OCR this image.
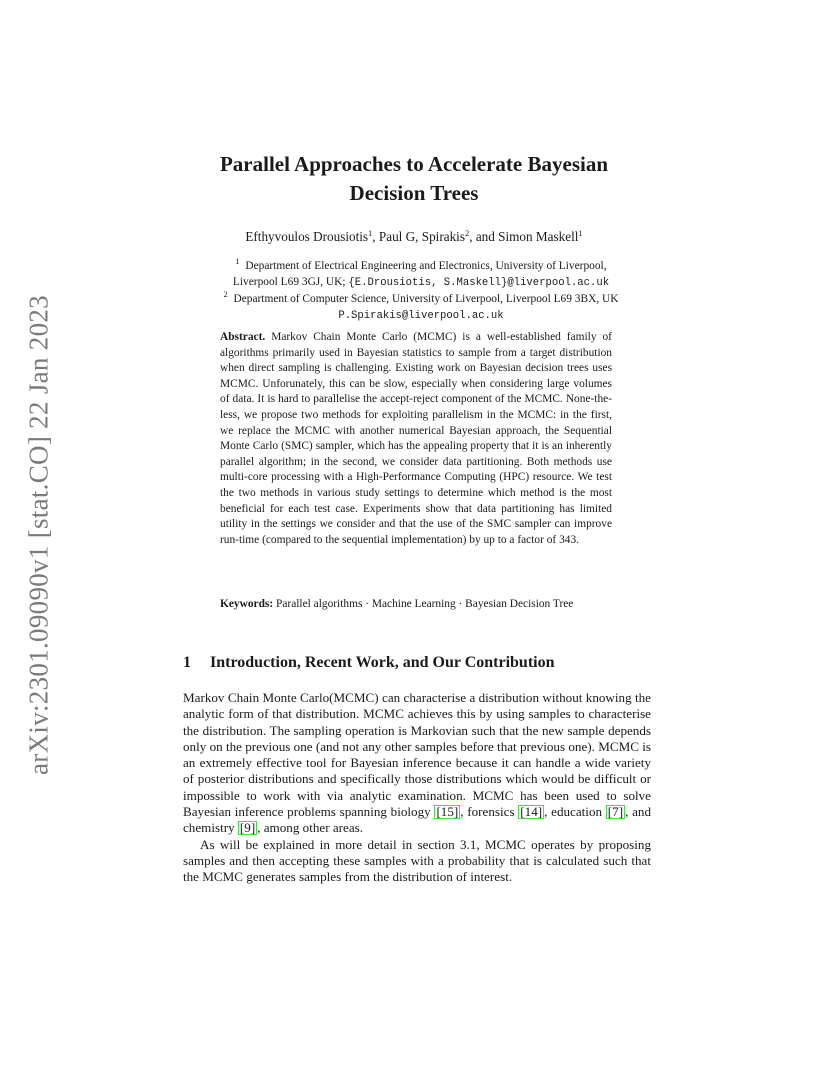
arXiv:2301.09090v1 [stat.CO] 22 Jan 2023
Parallel Approaches to Accelerate Bayesian
Decision Trees
Efthyvoulos Drousiotis$^1$, Paul G, Spirakis$^2$, and Simon Maskell$^1$
$^1$ Department of Electrical Engineering and Electronics, University of Liverpool,
Liverpool L69 3GJ, UK; {E.Drousiotis, S.Maskell}@liverpool.ac.uk
$^2$ Department of Computer Science, University of Liverpool, Liverpool L69 3BX, UK
P.Spirakis@liverpool.ac.uk
Abstract. Markov Chain Monte Carlo (MCMC) is a well-established family of algorithms primarily used in Bayesian statistics to sample from a target distribution when direct sampling is challenging. Existing work on Bayesian decision trees uses MCMC. Unforunately, this can be slow, especially when considering large volumes of data. It is hard to parallelise the accept-reject component of the MCMC. None-the-less, we propose two methods for exploiting parallelism in the MCMC: in the first, we replace the MCMC with another numerical Bayesian approach, the Sequential Monte Carlo (SMC) sampler, which has the appealing property that it is an inherently parallel algorithm; in the second, we consider data partitioning. Both methods use multi-core processing with a High-Performance Computing (HPC) resource. We test the two methods in various study settings to determine which method is the most beneficial for each test case. Experiments show that data partitioning has limited utility in the settings we consider and that the use of the SMC sampler can improve run-time (compared to the sequential implementation) by up to a factor of 343.
Keywords: Parallel algorithms · Machine Learning · Bayesian Decision Tree
1 Introduction, Recent Work, and Our Contribution

Markov Chain Monte Carlo(MCMC) can characterise a distribution without knowing the analytic form of that distribution. MCMC achieves this by using samples to characterise the distribution. The sampling operation is Markovian such that the new sample depends only on the previous one (and not any other samples before that previous one). MCMC is an extremely effective tool for Bayesian inference because it can handle a wide variety of posterior distributions and specifically those distributions which would be difficult or impossible to work with via analytic examination. MCMC has been used to solve Bayesian inference problems spanning biology [15] , forensics [14] , education [7] , and chemistry [9] , among other areas.

As will be explained in more detail in section 3.1, MCMC operates by proposing samples and then accepting these samples with a probability that is calculated such that the MCMC generates samples from the distribution of interest.
